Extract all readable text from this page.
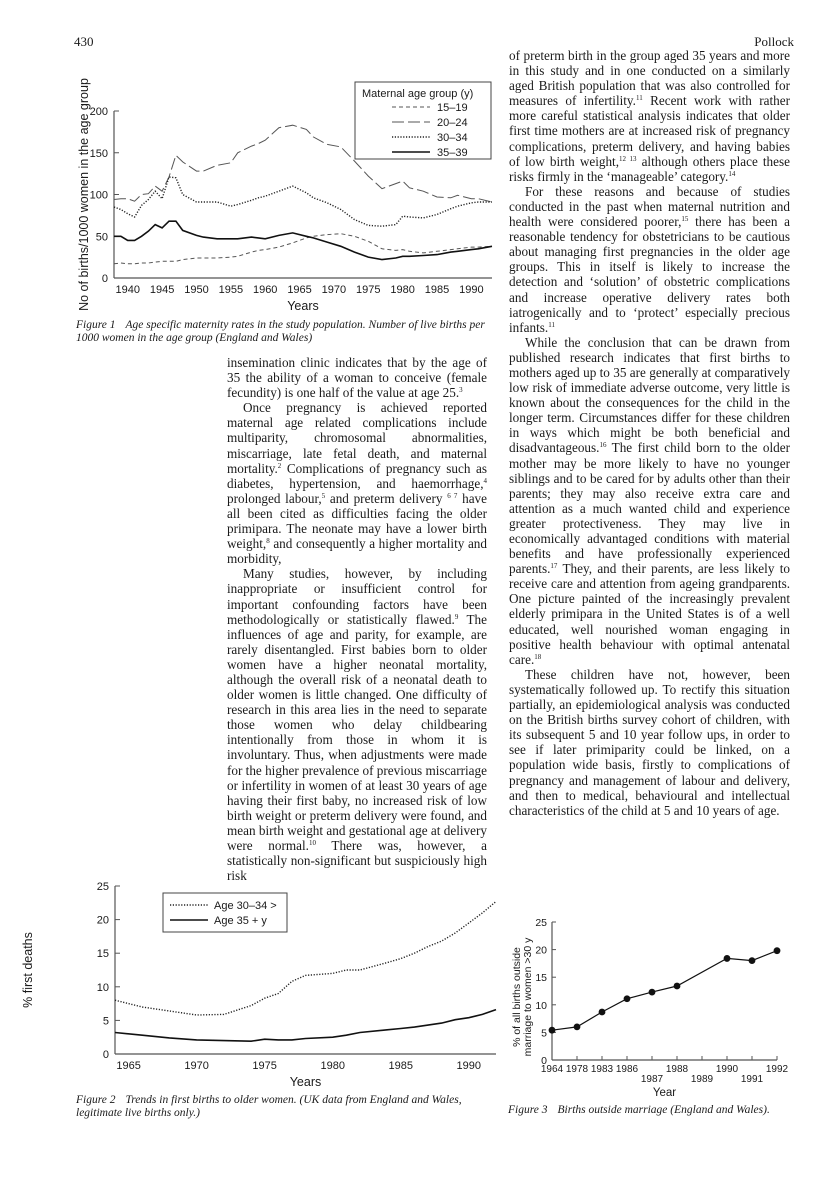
430	Pollock
0
50
100
150
200
1940 1945 1950 1955 1960 1965 1970 1975 1980 1985 1990
Years
No of births/1000 women in the age group	Maternal age group (y)
15–19
20–24
30–34
35–39
Figure 1 Age specific maternity rates in the study population. Number of live births per 1000 women in the age group (England and Wales)

insemination clinic indicates that by the age of 35 the ability of a woman to conceive (female fecundity) is one half of the value at age 25.$^3$

Once pregnancy is achieved reported maternal age related complications include multiparity, chromosomal abnormalities, miscarriage, late fetal death, and maternal mortality.$^2$ Complications of pregnancy such as diabetes, hypertension, and haemorrhage,$^4$ prolonged labour,$^5$ and preterm delivery $^{6 7}$ have all been cited as difficulties facing the older primipara. The neonate may have a lower birth weight,$^8$ and consequently a higher mortality and morbidity,

Many studies, however, by including inappropriate or insufficient control for important confounding factors have been methodologically or statistically flawed.$^9$ The influences of age and parity, for example, are rarely disentangled. First babies born to older women have a higher neonatal mortality, although the overall risk of a neonatal death to older women is little changed. One difficulty of research in this area lies in the need to separate those women who delay childbearing intentionally from those in whom it is involuntary. Thus, when adjustments were made for the higher prevalence of previous miscarriage or infertility in women of at least 30 years of age having their first baby, no increased risk of low birth weight or preterm delivery were found, and mean birth weight and gestational age at delivery were normal.$^{10}$ There was, however, a statistically non-significant but suspiciously high risk

of preterm birth in the group aged 35 years and more in this study and in one conducted on a similarly aged British population that was also controlled for measures of infertility.$^{11}$ Recent work with rather more careful statistical analysis indicates that older first time mothers are at increased risk of pregnancy complications, preterm delivery, and having babies of low birth weight,$^{12 13}$ although others place these risks firmly in the ‘manageable’ category.$^{14}$

For these reasons and because of studies conducted in the past when maternal nutrition and health were considered poorer,$^{15}$ there has been a reasonable tendency for obstetricians to be cautious about managing first pregnancies in the older age groups. This in itself is likely to increase the detection and ‘solution’ of obstetric complications and increase operative delivery rates both iatrogenically and to ‘protect’ especially precious infants.$^{11}$

While the conclusion that can be drawn from published research indicates that first births to mothers aged up to 35 are generally at comparatively low risk of immediate adverse outcome, very little is known about the consequences for the child in the longer term. Circumstances differ for these children in ways which might be both beneficial and disadvantageous.$^{16}$ The first child born to the older mother may be more likely to have no younger siblings and to be cared for by adults other than their parents; they may also receive extra care and attention as a much wanted child and experience greater protectiveness. They may live in economically advantaged conditions with material benefits and have professionally experienced parents.$^{17}$ They, and their parents, are less likely to receive care and attention from ageing grandparents. One picture painted of the increasingly prevalent elderly primipara in the United States is of a well educated, well nourished woman engaging in positive health behaviour with optimal antenatal care.$^{18}$

These children have not, however, been systematically followed up. To rectify this situation partially, an epidemiological analysis was conducted on the British births survey cohort of children, with its subsequent 5 and 10 year follow ups, in order to see if later primiparity could be linked, on a population wide basis, firstly to complications of pregnancy and management of labour and delivery, and then to medical, behavioural and intellectual characteristics of the child at 5 and 10 years of age.

0
5
10
15
20
25
1965	1970	1975	1980	1985	1990
Years
% first deaths
Age 30–34 >
Age 35 + y
Figure 2 Trends in first births to older women. (UK data from England and Wales, legitimate live births only.)
0
5
10
15
20
25
1964 1978 1983 1986
1987
1988
1989
1990
1991
1992
Year
% of all births outside marriage to women >30 y
Figure 3 Births outside marriage (England and Wales).
